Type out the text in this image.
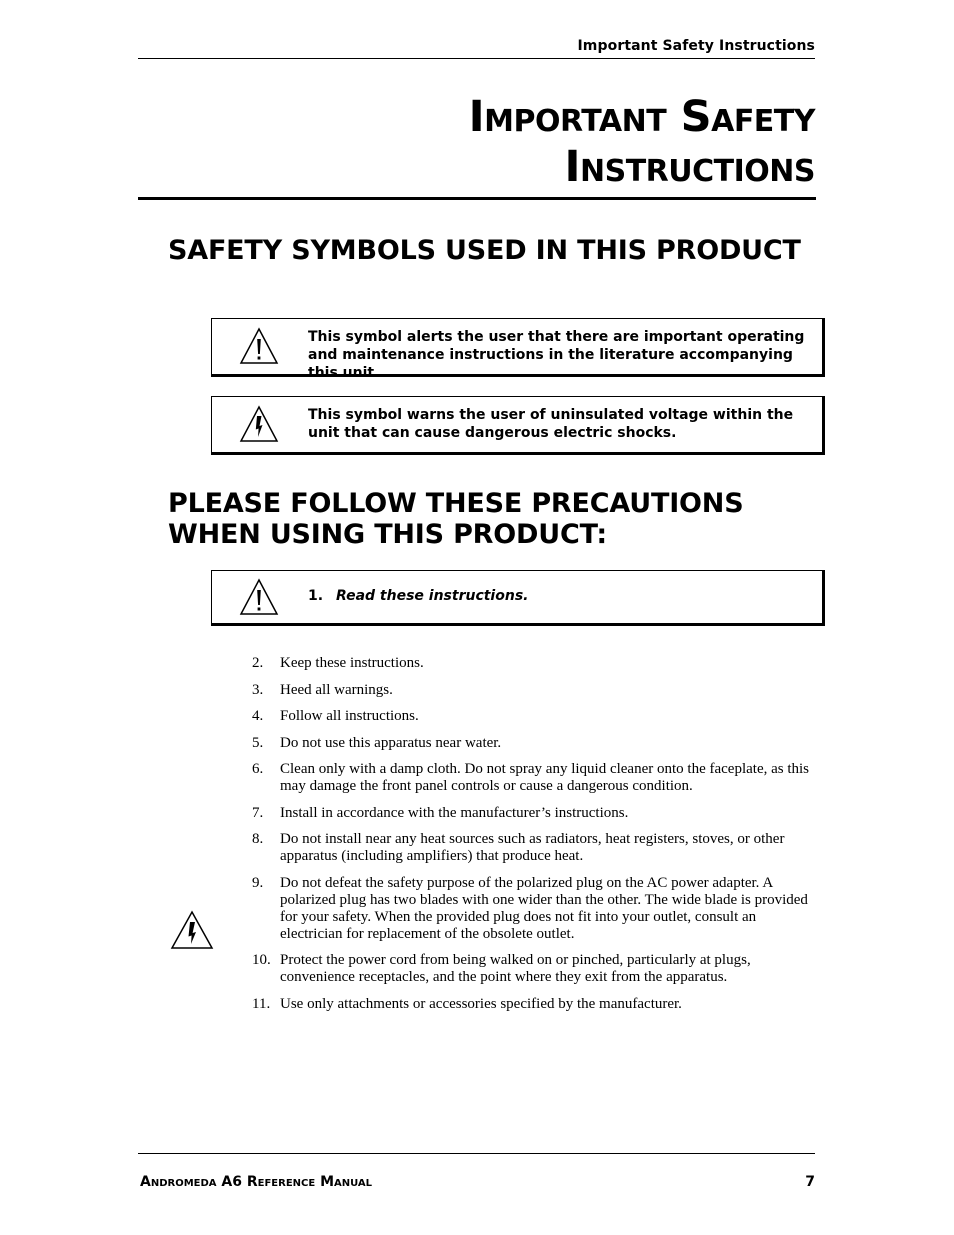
Important Safety Instructions
Important Safety
Instructions
SAFETY SYMBOLS USED IN THIS PRODUCT
This symbol alerts the user that there are important operating and maintenance instructions in the literature accompanying this unit.
This symbol warns the user of uninsulated voltage within the unit that can cause dangerous electric shocks.
PLEASE FOLLOW THESE PRECAUTIONS WHEN USING THIS PRODUCT:
1. Read these instructions.
2. Keep these instructions.
3. Heed all warnings.
4. Follow all instructions.
5. Do not use this apparatus near water.
6. Clean only with a damp cloth. Do not spray any liquid cleaner onto the faceplate, as this may damage the front panel controls or cause a dangerous condition.
7. Install in accordance with the manufacturer’s instructions.
8. Do not install near any heat sources such as radiators, heat registers, stoves, or other apparatus (including amplifiers) that produce heat.
9. Do not defeat the safety purpose of the polarized plug on the AC power adapter. A polarized plug has two blades with one wider than the other. The wide blade is provided for your safety. When the provided plug does not fit into your outlet, consult an electrician for replacement of the obsolete outlet.
10. Protect the power cord from being walked on or pinched, particularly at plugs, convenience receptacles, and the point where they exit from the apparatus.
11. Use only attachments or accessories specified by the manufacturer.
Andromeda A6 Reference Manual	7
